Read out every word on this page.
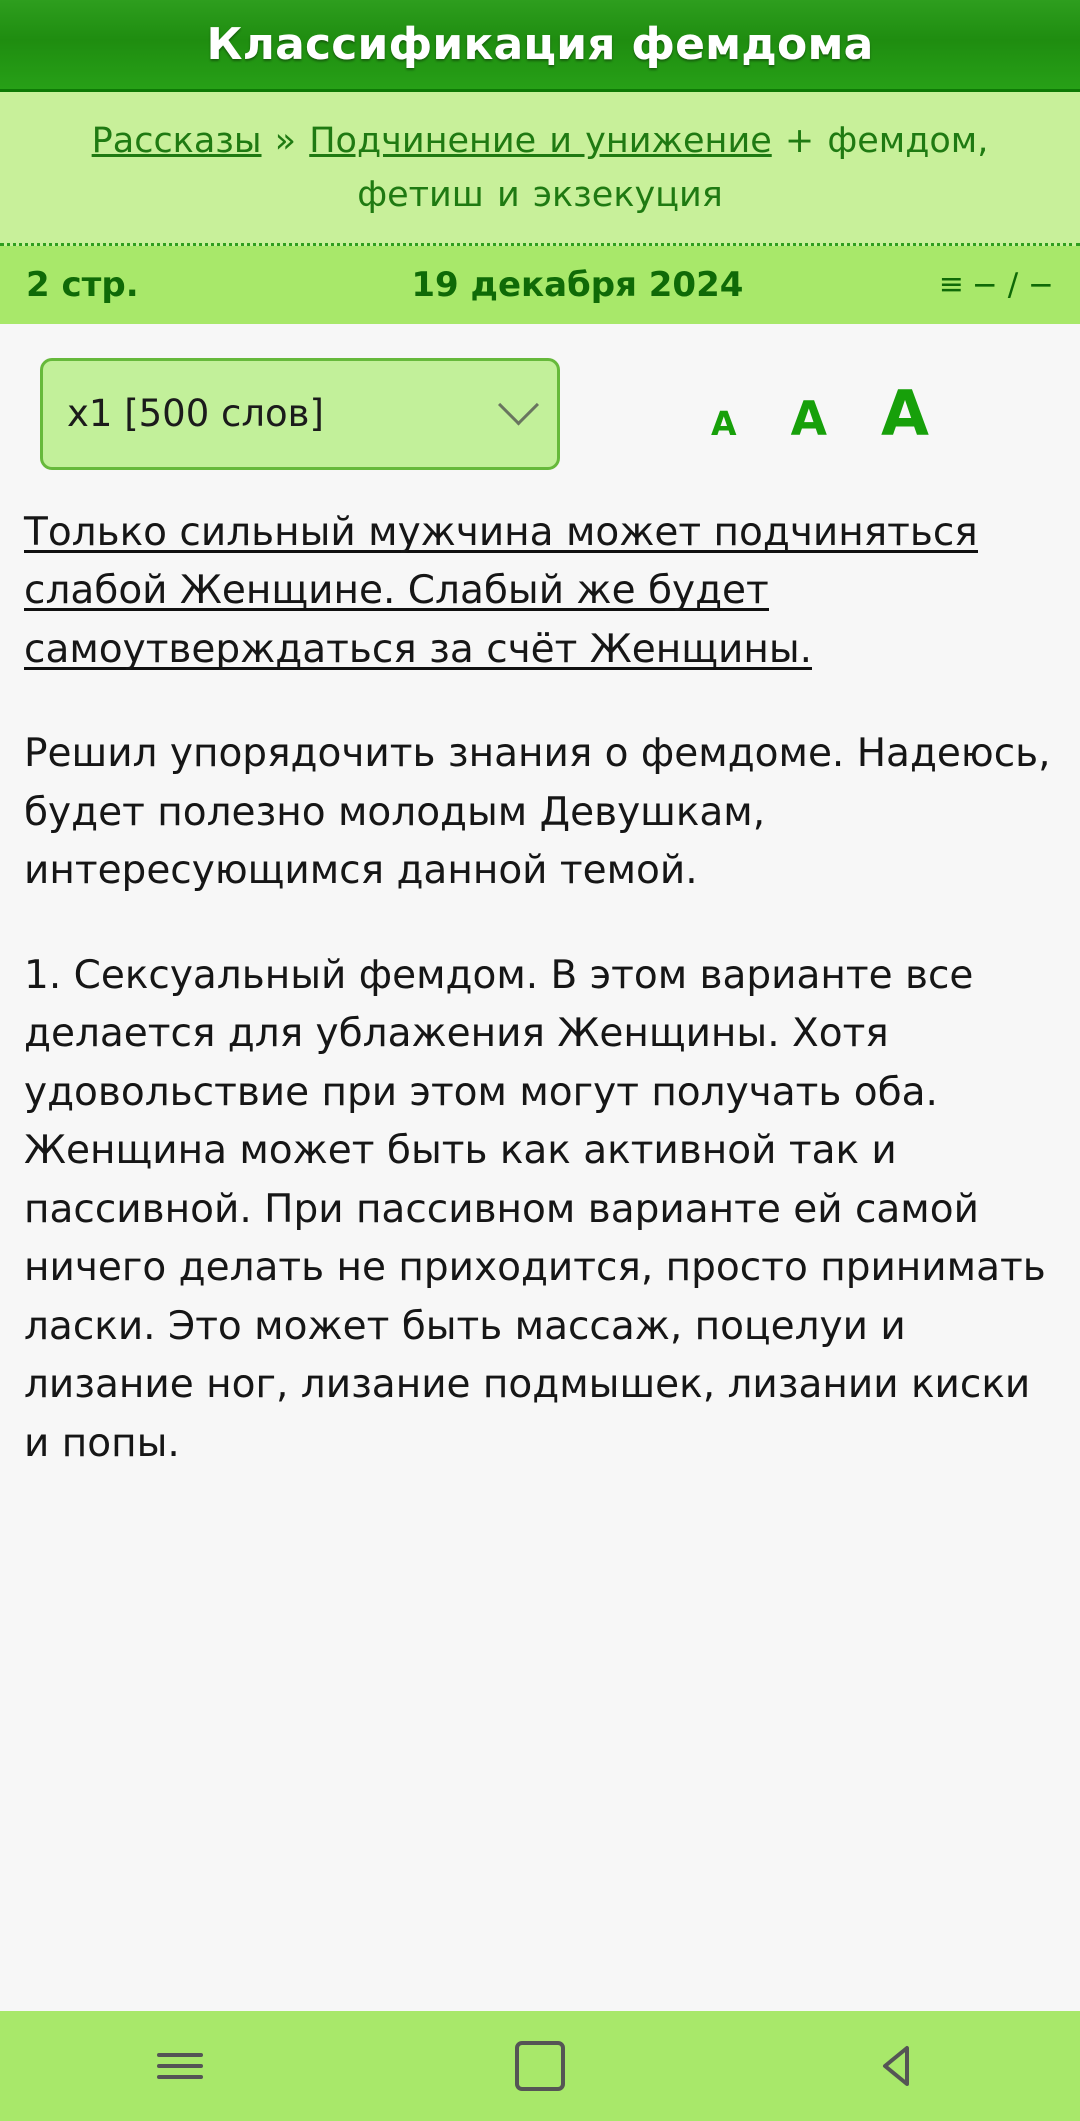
Классификация фемдома
Рассказы » Подчинение и унижение + фемдом, фетиш и экзекуция
2 стр.	19 декабря 2024	≡ − / −
x1 [500 слов]	A A A

Только сильный мужчина может подчиняться слабой Женщине. Слабый же будет самоутверждаться за счёт Женщины.

Решил упорядочить знания о фемдоме. Надеюсь, будет полезно молодым Девушкам, интересующимся данной темой.

1. Сексуальный фемдом. В этом варианте все делается для ублажения Женщины. Хотя удовольствие при этом могут получать оба. Женщина может быть как активной так и пассивной. При пассивном варианте ей самой ничего делать не приходится, просто принимать ласки. Это может быть массаж, поцелуи и лизание ног, лизание подмышек, лизании киски и попы.
